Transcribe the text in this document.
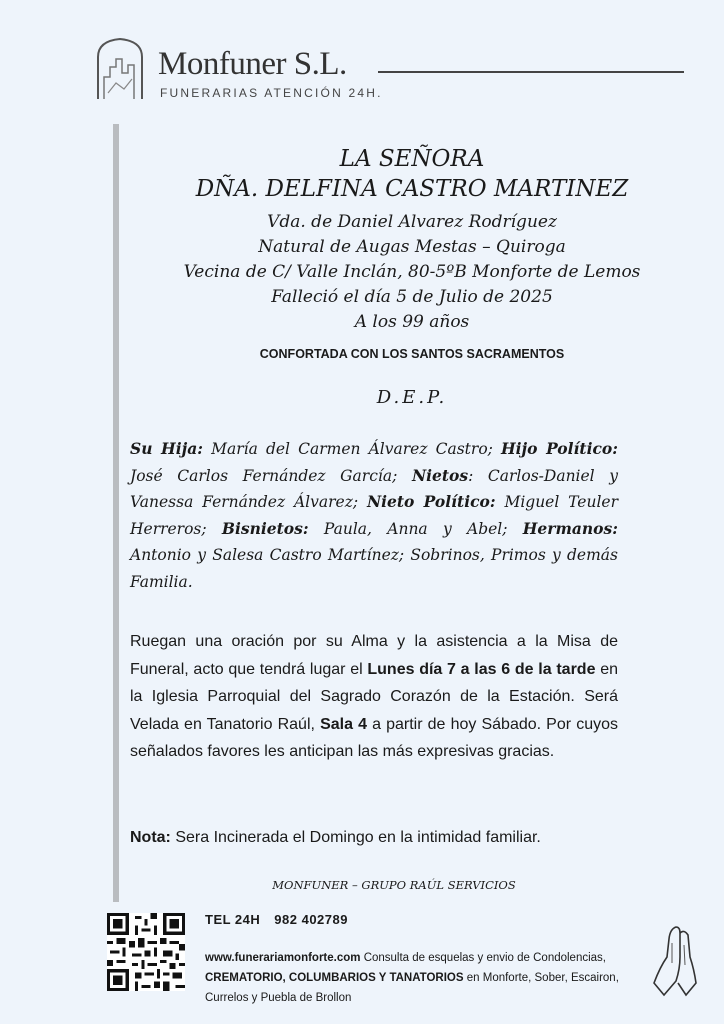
Monfuner S.L.
FUNERARIAS ATENCIÓN 24H.
LA SEÑORA
DÑA. DELFINA CASTRO MARTINEZ
Vda. de Daniel Alvarez Rodríguez
Natural de Augas Mestas – Quiroga
Vecina de C/ Valle Inclán, 80-5ºB Monforte de Lemos
Falleció el día 5 de Julio de 2025
A los 99 años
CONFORTADA CON LOS SANTOS SACRAMENTOS
D.E.P.

Su Hija: María del Carmen Álvarez Castro; Hijo Político: José Carlos Fernández García; Nietos: Carlos-Daniel y Vanessa Fernández Álvarez; Nieto Político: Miguel Teuler Herreros; Bisnietos: Paula, Anna y Abel; Hermanos: Antonio y Salesa Castro Martínez; Sobrinos, Primos y demás Familia.

Ruegan una oración por su Alma y la asistencia a la Misa de Funeral, acto que tendrá lugar el Lunes día 7 a las 6 de la tarde en la Iglesia Parroquial del Sagrado Corazón de la Estación. Será Velada en Tanatorio Raúl, Sala 4 a partir de hoy Sábado. Por cuyos señalados favores les anticipan las más expresivas gracias.

Nota: Sera Incinerada el Domingo en la intimidad familiar.

MONFUNER – GRUPO RAÚL SERVICIOS
TEL 24H 982 402789

www.funerariamonforte.com Consulta de esquelas y envio de Condolencias, CREMATORIO, COLUMBARIOS Y TANATORIOS en Monforte, Sober, Escairon, Currelos y Puebla de Brollon
